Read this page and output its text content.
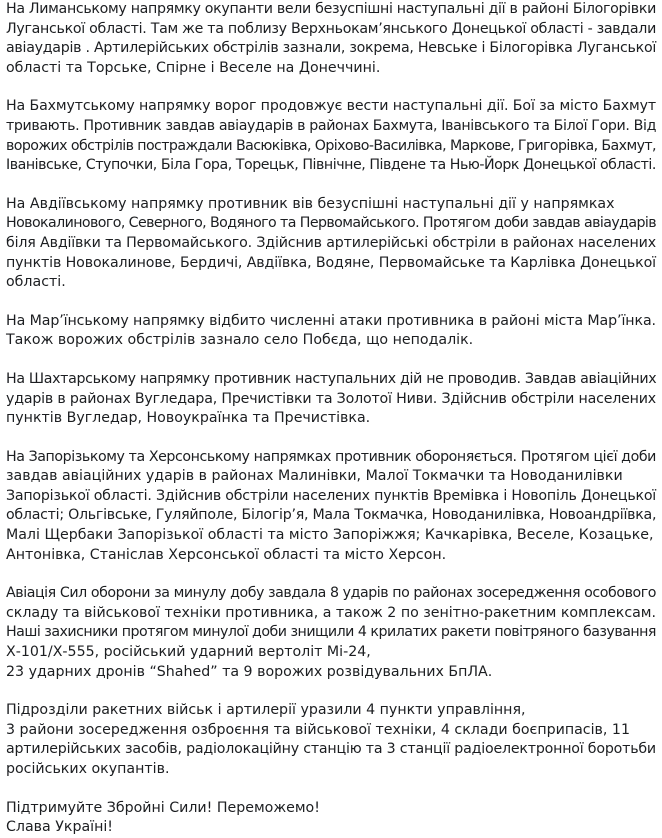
На Лиманському напрямку окупанти вели безуспішні наступальні дії в районі Білогорівки
Луганської області. Там же та поблизу Верхньокам’янського Донецької області - завдали
авіаударів . Артилерійських обстрілів зазнали, зокрема, Невське і Білогорівка Луганської
області та Торське, Спірне і Веселе на Донеччині.
На Бахмутському напрямку ворог продовжує вести наступальні дії. Бої за місто Бахмут
тривають. Противник завдав авіаударів в районах Бахмута, Іванівського та Білої Гори. Від
ворожих обстрілів постраждали Васюківка, Оріхово-Василівка, Маркове, Григорівка, Бахмут,
Іванівське, Ступочки, Біла Гора, Торецьк, Північне, Південе та Нью-Йорк Донецької області.
На Авдіївському напрямку противник вів безуспішні наступальні дії у напрямках
Новокалинового, Северного, Водяного та Первомайського. Протягом доби завдав авіаударів
біля Авдіївки та Первомайського. Здійснив артилерійські обстріли в районах населених
пунктів Новокалинове, Бердичі, Авдіївка, Водяне, Первомайське та Карлівка Донецької
області.
На Мар’їнському напрямку відбито численні атаки противника в районі міста Мар’їнка.
Також ворожих обстрілів зазнало село Побєда, що неподалік.
На Шахтарському напрямку противник наступальних дій не проводив. Завдав авіаційних
ударів в районах Вугледара, Пречистівки та Золотої Ниви. Здійснив обстріли населених
пунктів Вугледар, Новоукраїнка та Пречистівка.
На Запорізькому та Херсонському напрямках противник обороняється. Протягом цієї доби
завдав авіаційних ударів в районах Малинівки, Малої Токмачки та Новоданилівки
Запорізької області. Здійснив обстріли населених пунктів Времівка і Новопіль Донецької
області; Ольгівське, Гуляйполе, Білогір’я, Мала Токмачка, Новоданилівка, Новоандріївка,
Малі Щербаки Запорізької області та місто Запоріжжя; Качкарівка, Веселе, Козацьке,
Антонівка, Станіслав Херсонської області та місто Херсон.
Авіація Сил оборони за минулу добу завдала 8 ударів по районах зосередження особового
складу та військової техніки противника, а також 2 по зенітно-ракетним комплексам.
Наші захисники протягом минулої доби знищили 4 крилатих ракети повітряного базування
Х-101/Х-555, російський ударний вертоліт Мі-24,
23 ударних дронів “Shahed” та 9 ворожих розвідувальних БпЛА.
Підрозділи ракетних військ і артилерії уразили 4 пункти управління,
3 райони зосередження озброєння та військової техніки, 4 склади боєприпасів, 11
артилерійських засобів, радіолокаційну станцію та 3 станції радіоелектронної боротьби
російських окупантів.
Підтримуйте Збройні Сили! Переможемо!
Слава Україні!
